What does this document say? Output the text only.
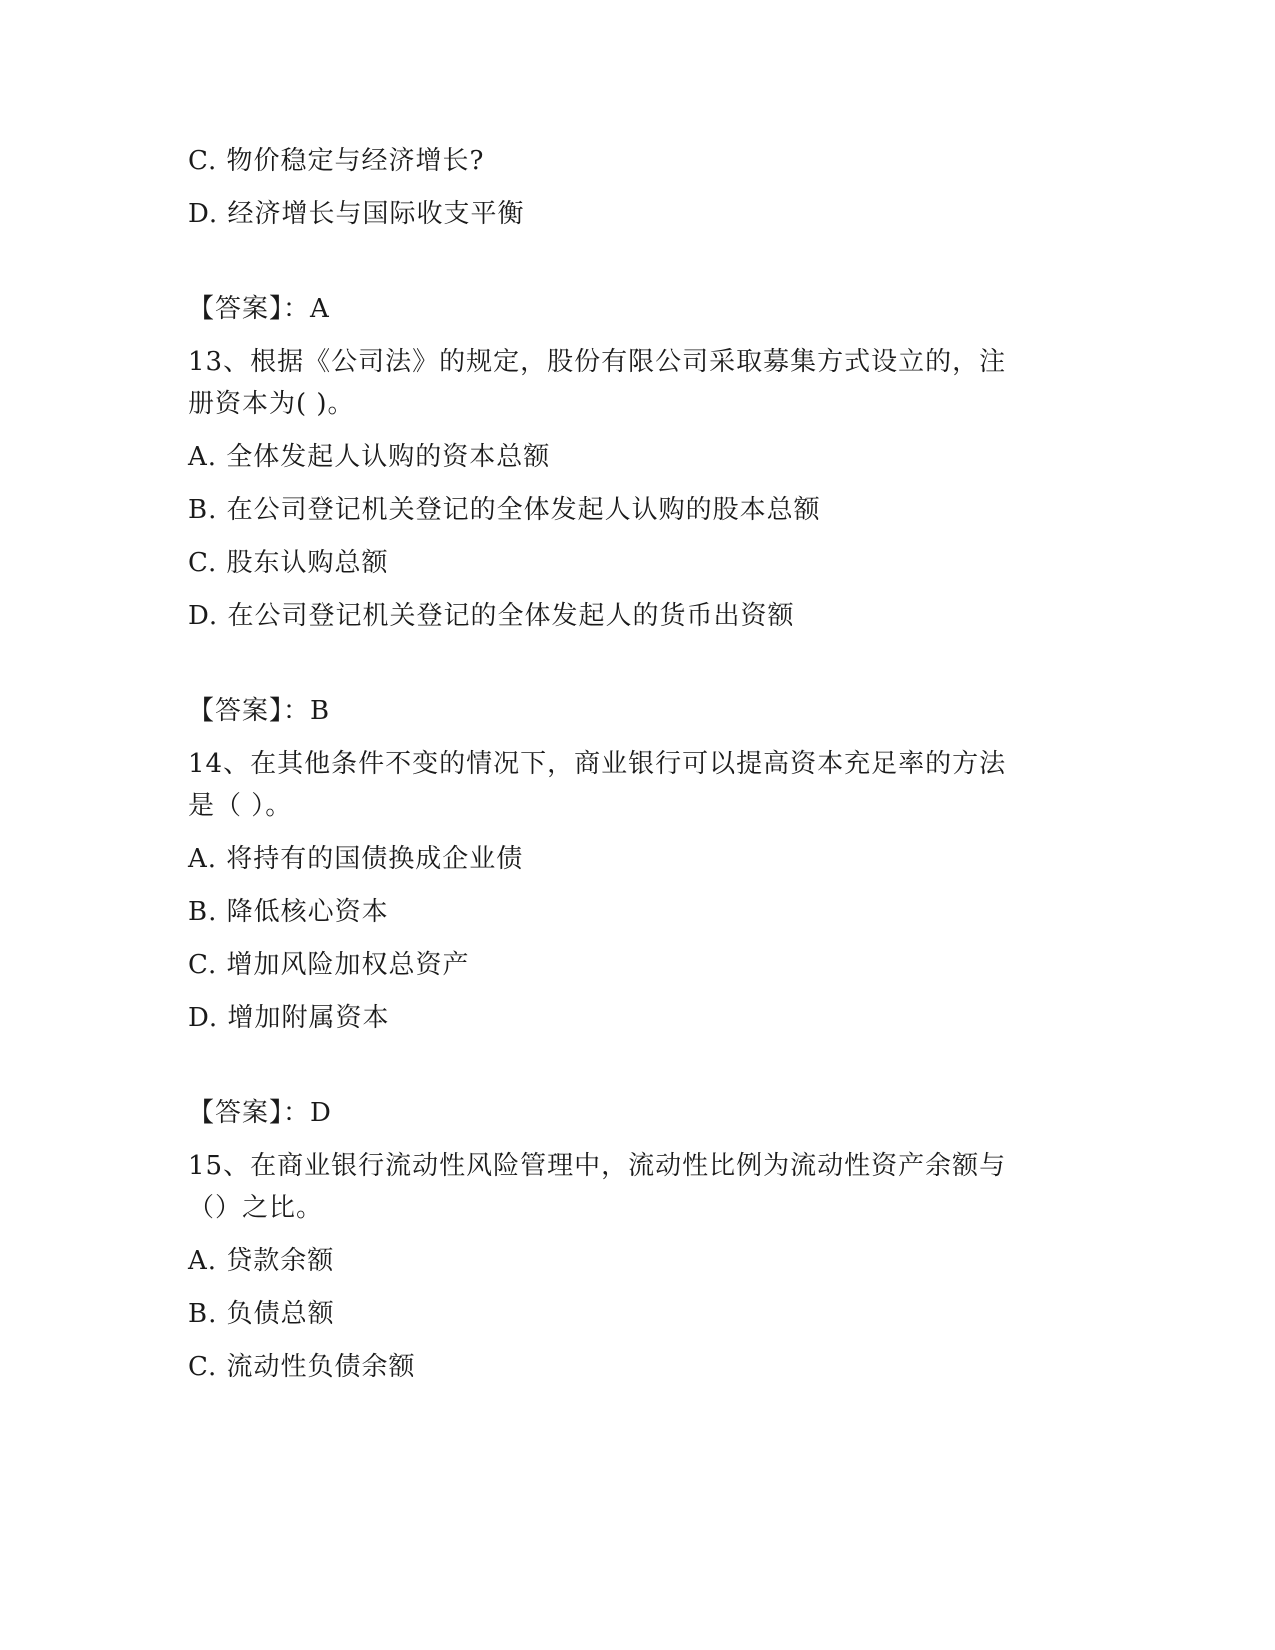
C. 物价稳定与经济增长?
D. 经济增长与国际收支平衡
【答案】：A
13、根据《公司法》的规定，股份有限公司采取募集方式设立的，注
册资本为( )。
A. 全体发起人认购的资本总额
B. 在公司登记机关登记的全体发起人认购的股本总额
C. 股东认购总额
D. 在公司登记机关登记的全体发起人的货币出资额
【答案】：B
14、在其他条件不变的情况下，商业银行可以提高资本充足率的方法
是（ ）。
A. 将持有的国债换成企业债
B. 降低核心资本
C. 增加风险加权总资产
D. 增加附属资本
【答案】：D
15、在商业银行流动性风险管理中，流动性比例为流动性资产余额与
（）之比。
A. 贷款余额
B. 负债总额
C. 流动性负债余额
